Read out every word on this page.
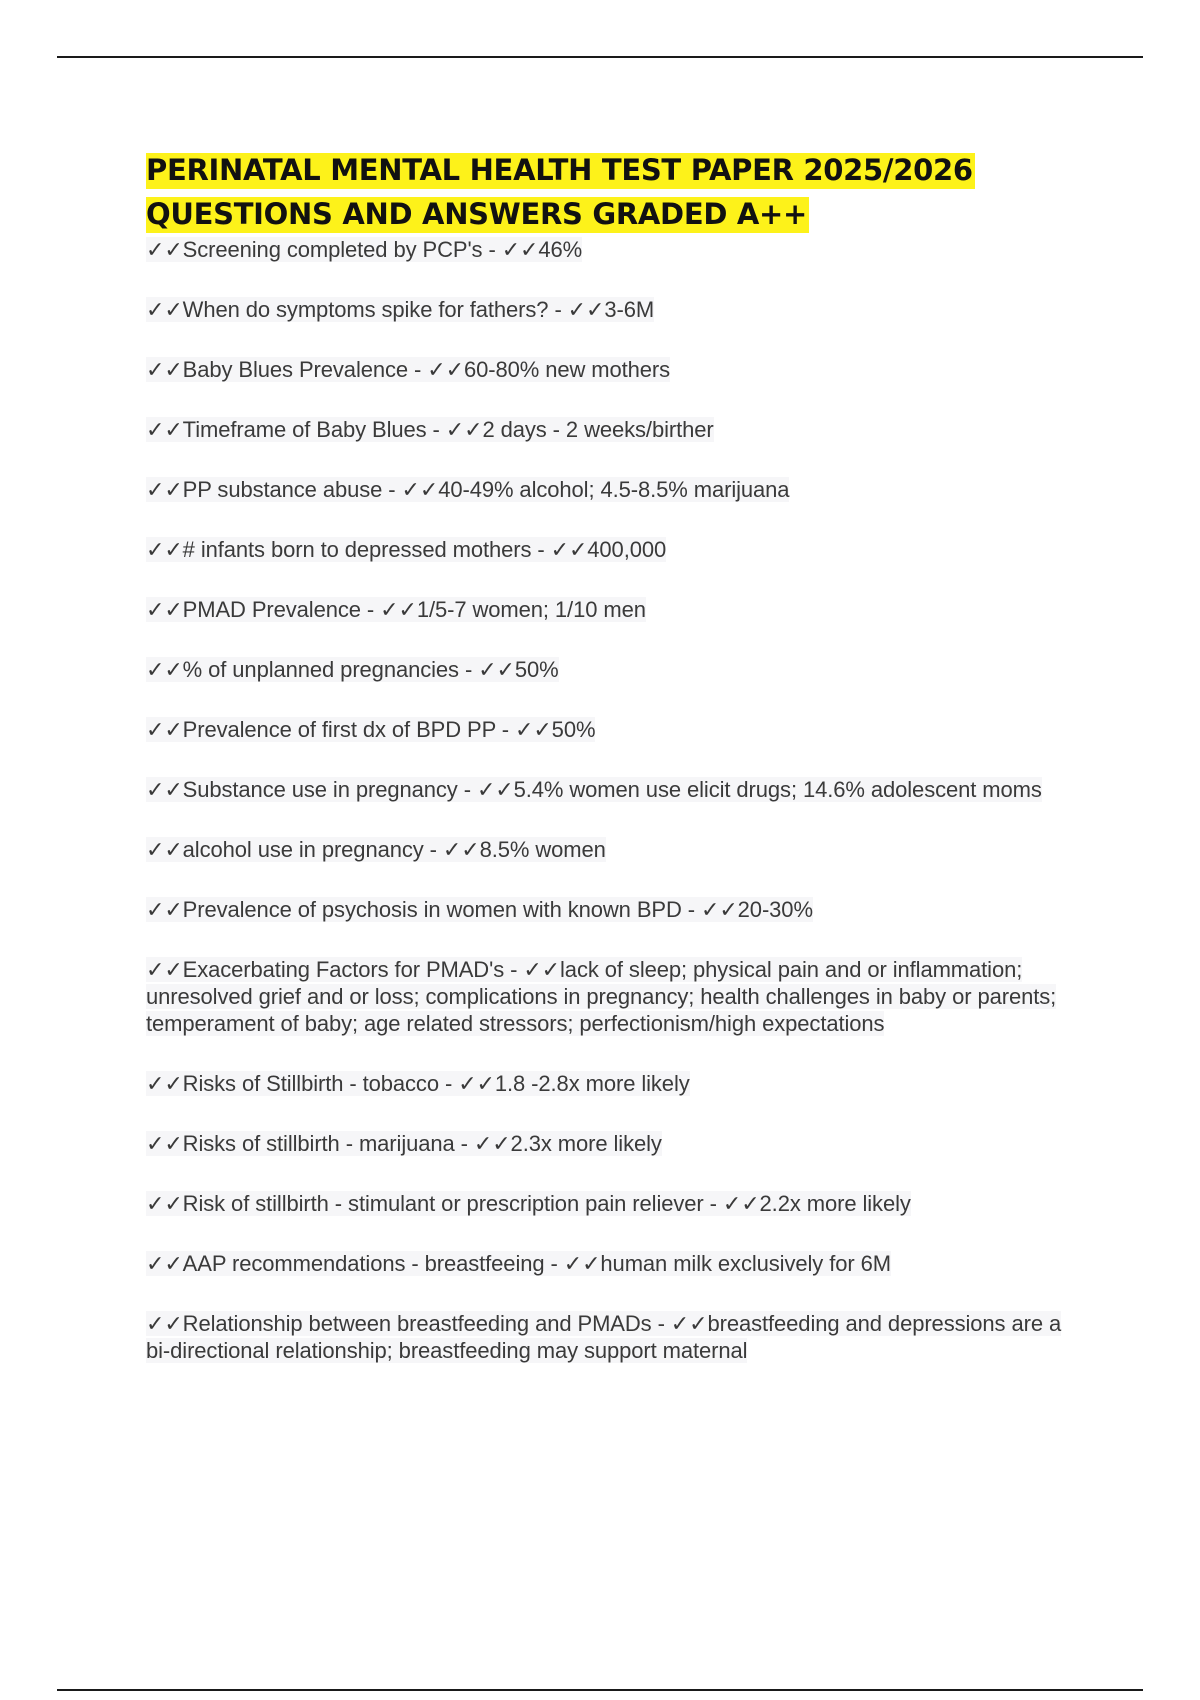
PERINATAL MENTAL HEALTH TEST PAPER 2025/2026
QUESTIONS AND ANSWERS GRADED A++
✓✓Screening completed by PCP's - ✓✓46%
✓✓When do symptoms spike for fathers? - ✓✓3-6M
✓✓Baby Blues Prevalence - ✓✓60-80% new mothers
✓✓Timeframe of Baby Blues - ✓✓2 days - 2 weeks/birther
✓✓PP substance abuse - ✓✓40-49% alcohol; 4.5-8.5% marijuana
✓✓# infants born to depressed mothers - ✓✓400,000
✓✓PMAD Prevalence - ✓✓1/5-7 women; 1/10 men
✓✓% of unplanned pregnancies - ✓✓50%
✓✓Prevalence of first dx of BPD PP - ✓✓50%
✓✓Substance use in pregnancy - ✓✓5.4% women use elicit drugs; 14.6% adolescent moms
✓✓alcohol use in pregnancy - ✓✓8.5% women
✓✓Prevalence of psychosis in women with known BPD - ✓✓20-30%
✓✓Exacerbating Factors for PMAD's - ✓✓lack of sleep; physical pain and or inflammation; unresolved grief and or loss; complications in pregnancy; health challenges in baby or parents; temperament of baby; age related stressors; perfectionism/high expectations
✓✓Risks of Stillbirth - tobacco - ✓✓1.8 -2.8x more likely
✓✓Risks of stillbirth - marijuana - ✓✓2.3x more likely
✓✓Risk of stillbirth - stimulant or prescription pain reliever - ✓✓2.2x more likely
✓✓AAP recommendations - breastfeeing - ✓✓human milk exclusively for 6M
✓✓Relationship between breastfeeding and PMADs - ✓✓breastfeeding and depressions are a bi-directional relationship; breastfeeding may support maternal
